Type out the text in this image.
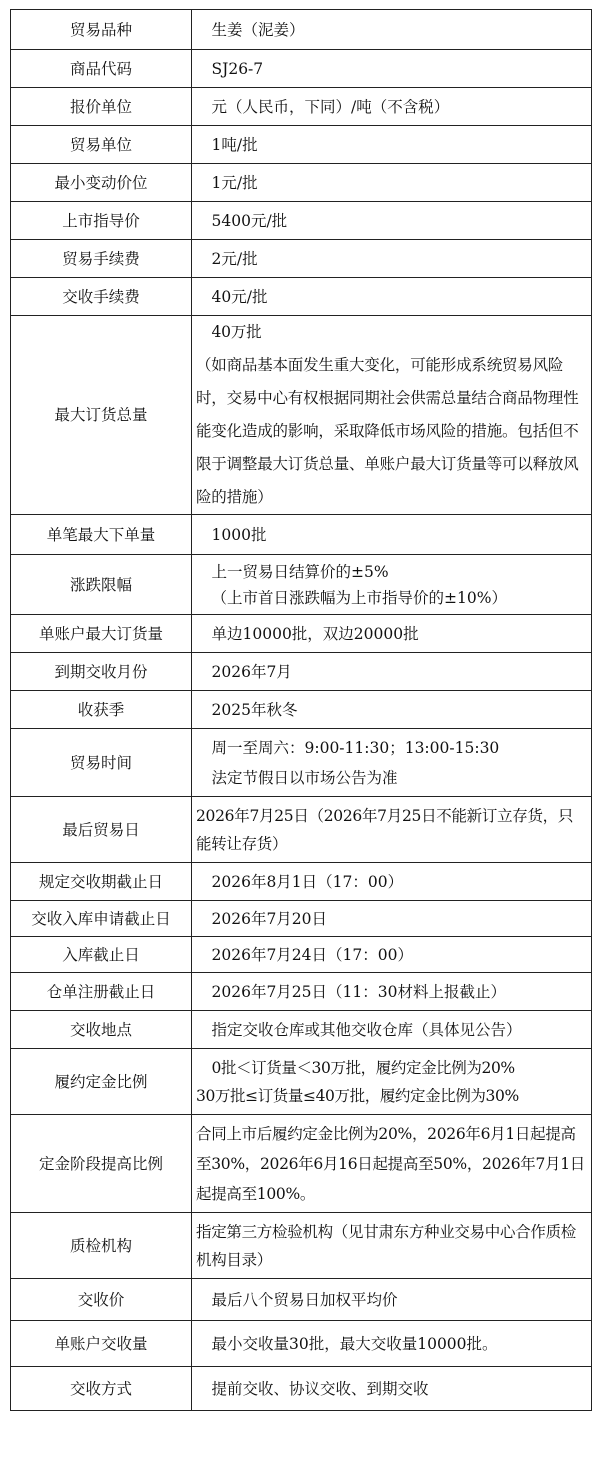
贸易品种	生姜（泥姜）

商品代码	SJ26-7

报价单位	元（人民币，下同）/吨（不含税）

贸易单位	1吨/批

最小变动价位	1元/批

上市指导价	5400元/批

贸易手续费	2元/批

交收手续费	40元/批

最大订货总量	40万批
（如商品基本面发生重大变化，可能形成系统贸易风险时，交易中心有权根据同期社会供需总量结合商品物理性能变化造成的影响，采取降低市场风险的措施。包括但不限于调整最大订货总量、单账户最大订货量等可以释放风险的措施）

单笔最大下单量	1000批

涨跌限幅	上一贸易日结算价的±5%
（上市首日涨跌幅为上市指导价的±10%）

单账户最大订货量	单边10000批，双边20000批

到期交收月份	2026年7月

收获季	2025年秋冬

贸易时间	周一至周六：9:00-11:30；13:00-15:30
法定节假日以市场公告为准

最后贸易日	2026年7月25日（2026年7月25日不能新订立存货，只能转让存货）

规定交收期截止日	2026年8月1日（17：00）

交收入库申请截止日	2026年7月20日

入库截止日	2026年7月24日（17：00）

仓单注册截止日	2026年7月25日（11：30材料上报截止）

交收地点	指定交收仓库或其他交收仓库（具体见公告）

履约定金比例	0批＜订货量＜30万批，履约定金比例为20%
30万批≤订货量≤40万批，履约定金比例为30%

定金阶段提高比例	合同上市后履约定金比例为20%，2026年6月1日起提高至30%，2026年6月16日起提高至50%，2026年7月1日起提高至100%。

质检机构	指定第三方检验机构（见甘肃东方种业交易中心合作质检机构目录）

交收价	最后八个贸易日加权平均价

单账户交收量	最小交收量30批，最大交收量10000批。

交收方式	提前交收、协议交收、到期交收
